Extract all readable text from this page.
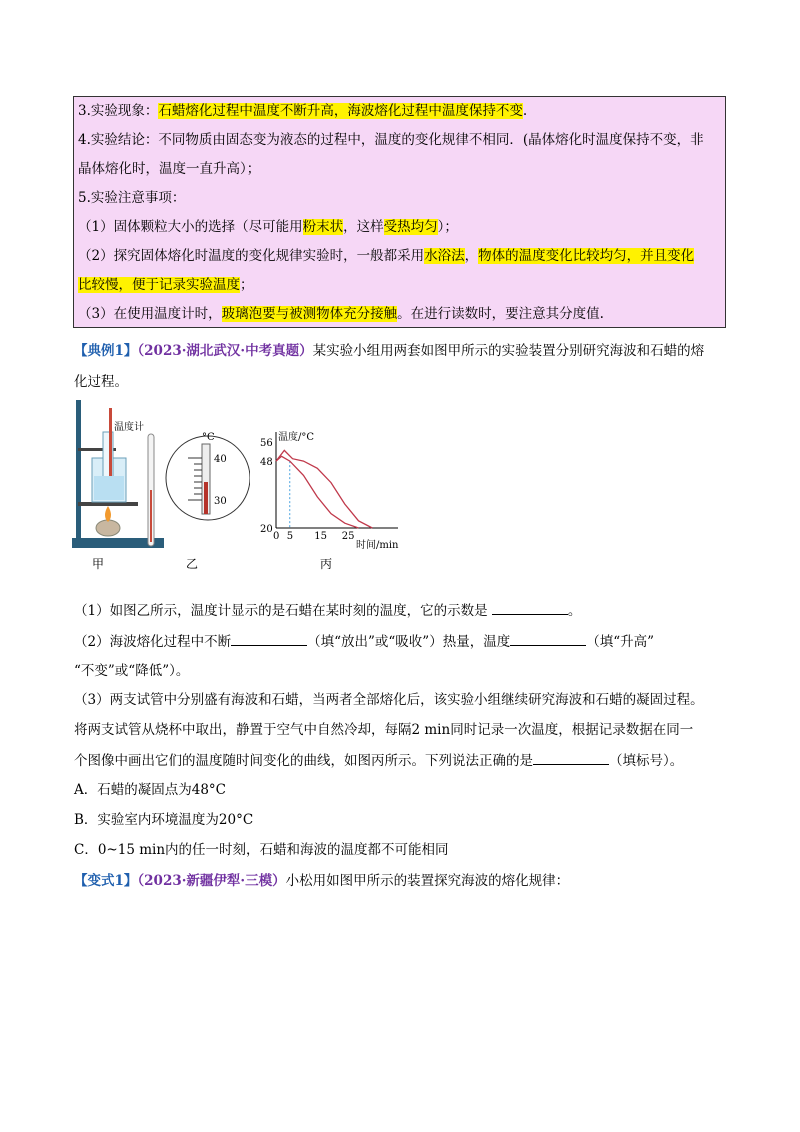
3.实验现象：石蜡熔化过程中温度不断升高，海波熔化过程中温度保持不变.
4.实验结论：不同物质由固态变为液态的过程中，温度的变化规律不相同．(晶体熔化时温度保持不变，非
晶体熔化时，温度一直升高）；
5.实验注意事项：
（1）固体颗粒大小的选择（尽可能用粉末状，这样受热均匀）；
（2）探究固体熔化时温度的变化规律实验时，一般都采用水浴法，物体的温度变化比较均匀，并且变化
比较慢，便于记录实验温度；
（3）在使用温度计时，玻璃泡要与被测物体充分接触。在进行读数时，要注意其分度值.
【典例1】（2023·湖北武汉·中考真题）某实验小组用两套如图甲所示的实验装置分别研究海波和石蜡的熔
化过程。
温度计
°C
40
30
温度/°C
时间/min
56
48
20
0 5 15 25
甲	乙	丙
（1）如图乙所示，温度计显示的是石蜡在某时刻的温度，它的示数是	。
（2）海波熔化过程中不断	（填“放出”或“吸收”）热量，温度	（填“升高”
“不变”或“降低”）。
（3）两支试管中分别盛有海波和石蜡，当两者全部熔化后，该实验小组继续研究海波和石蜡的凝固过程。
将两支试管从烧杯中取出，静置于空气中自然冷却，每隔2 min同时记录一次温度，根据记录数据在同一
个图像中画出它们的温度随时间变化的曲线，如图丙所示。下列说法正确的是	（填标号）。
A．石蜡的凝固点为48°C
B．实验室内环境温度为20°C
C．0~15 min内的任一时刻，石蜡和海波的温度都不可能相同
【变式1】（2023·新疆伊犁·三模）小松用如图甲所示的装置探究海波的熔化规律：
